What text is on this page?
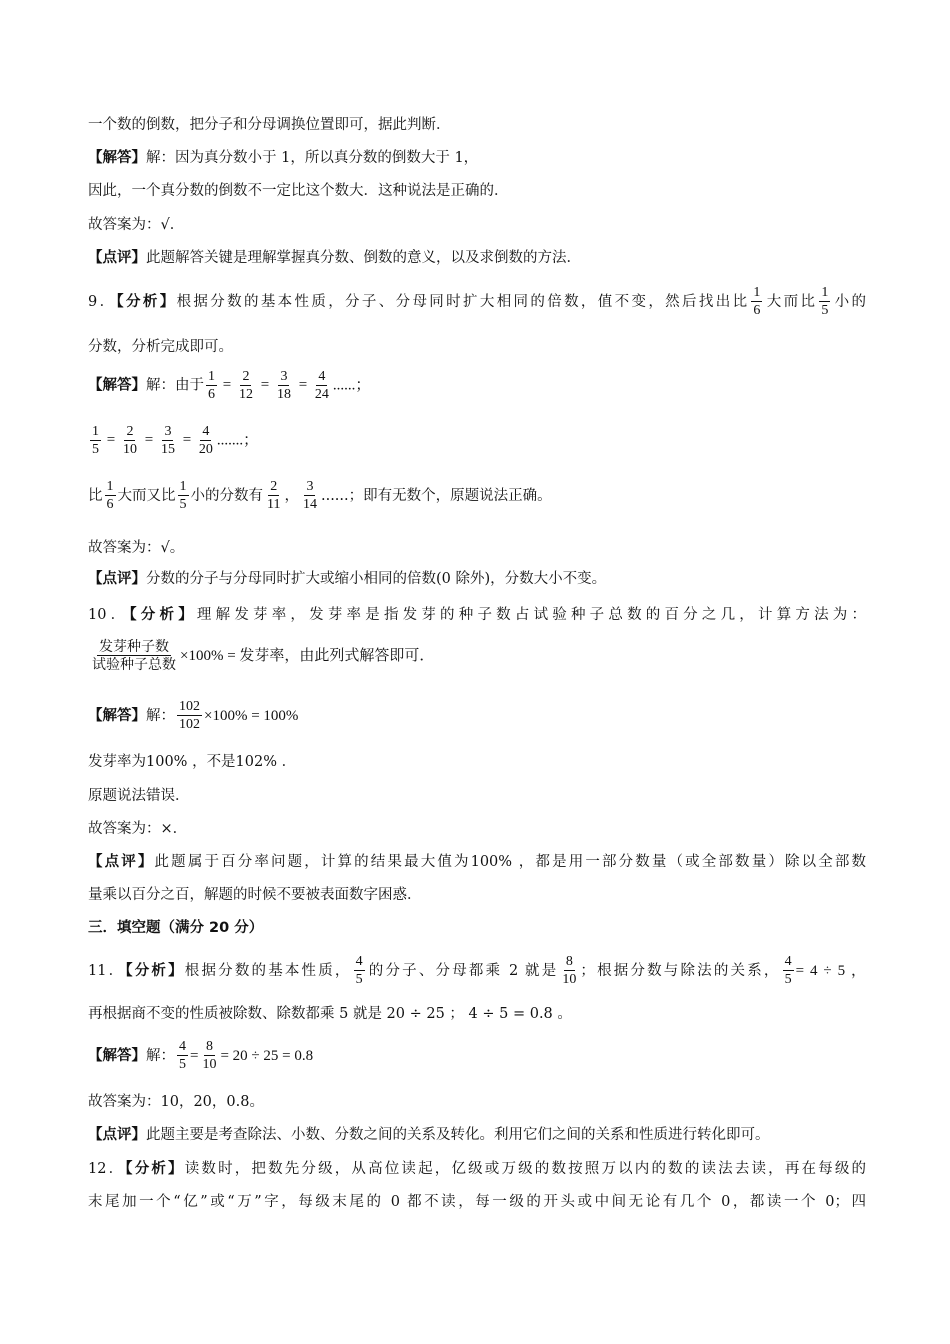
一个数的倒数，把分子和分母调换位置即可，据此判断．
【解答】解：因为真分数小于 1，所以真分数的倒数大于 1，
因此，一个真分数的倒数不一定比这个数大．这种说法是正确的．
故答案为：√．
【点评】此题解答关键是理解掌握真分数、倒数的意义，以及求倒数的方法．
9．【分析】根据分数的基本性质，分子、分母同时扩大相同的倍数，值不变，然后找出比 $\frac{1}{6}$ 大而比 $\frac{1}{5}$ 小的
分数，分析完成即可。
【解答】解：由于 $\frac{1}{6} = \frac{2}{12} = \frac{3}{18} = \frac{4}{24}$ ......；
$\frac{1}{5} = \frac{2}{10} = \frac{3}{15} = \frac{4}{20}$ .......；
比 $\frac{1}{6}$ 大而又比 $\frac{1}{5}$ 小的分数有 $\frac{2}{11}$ ， $\frac{3}{14}$ ......；即有无数个，原题说法正确。
故答案为：√。
【点评】分数的分子与分母同时扩大或缩小相同的倍数(0 除外)，分数大小不变。
10．【分析】理解发芽率，发芽率是指发芽的种子数占试验种子总数的百分之几，计算方法为：
$\frac{\text{发芽种子数}}{\text{试验种子总数}} \times 100\%$ = 发芽率，由此列式解答即可．
【解答】解： $\frac{102}{102} \times 100\% = 100\%$
发芽率为100% ，不是102% ．
原题说法错误．
故答案为：×．
【点评】此题属于百分率问题，计算的结果最大值为100% ，都是用一部分数量（或全部数量）除以全部数
量乘以百分之百，解题的时候不要被表面数字困惑．
三．填空题（满分 20 分）
11．【分析】根据分数的基本性质， $\frac{4}{5}$ 的分子、分母都乘 2 就是 $\frac{8}{10}$ ；根据分数与除法的关系， $\frac{4}{5} = 4 \div 5$ ，
再根据商不变的性质被除数、除数都乘 5 就是 20 ÷ 25 ； 4 ÷ 5 = 0.8 。
【解答】解： $\frac{4}{5} = \frac{8}{10} = 20 \div 25 = 0.8$
故答案为：10，20，0.8。
【点评】此题主要是考查除法、小数、分数之间的关系及转化。利用它们之间的关系和性质进行转化即可。
12．【分析】读数时，把数先分级，从高位读起，亿级或万级的数按照万以内的数的读法去读，再在每级的
末尾加一个“亿”或“万”字，每级末尾的 0 都不读，每一级的开头或中间无论有几个 0，都读一个 0；四
